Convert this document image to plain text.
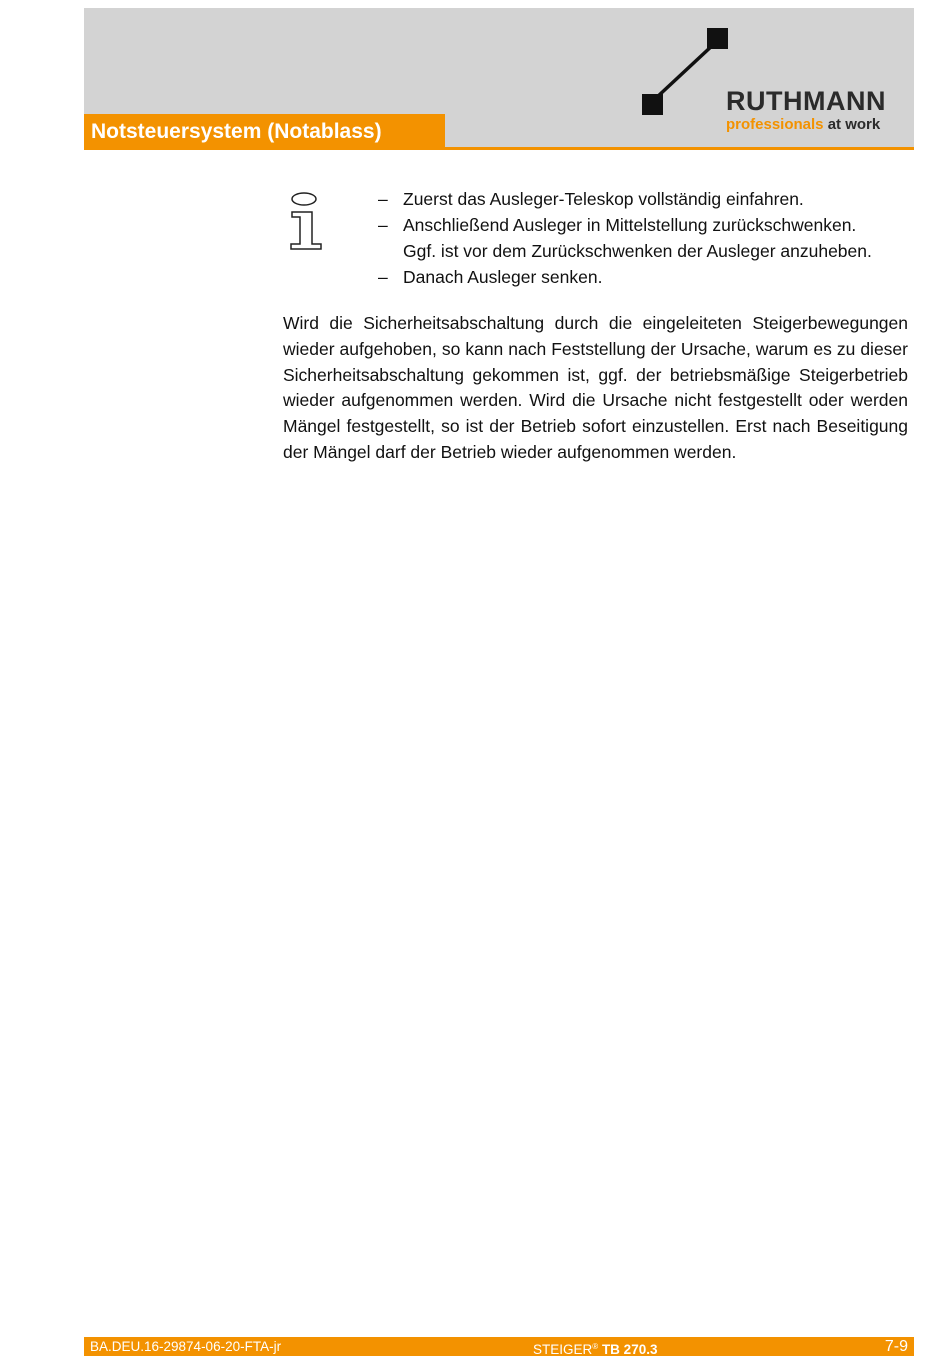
Notsteuersystem (Notablass)
RUTHMANN
professionals at work
– Zuerst das Ausleger-Teleskop vollständig einfahren.
– Anschließend Ausleger in Mittelstellung zurückschwenken.
Ggf. ist vor dem Zurückschwenken der Ausleger anzuheben.
– Danach Ausleger senken.

Wird die Sicherheitsabschaltung durch die eingeleiteten Steigerbewegungen wieder aufgehoben, so kann nach Feststellung der Ursache, warum es zu dieser Sicherheitsabschaltung gekommen ist, ggf. der betriebsmäßige Steigerbetrieb wieder aufgenommen werden. Wird die Ursache nicht festgestellt oder werden Mängel festgestellt, so ist der Betrieb sofort einzustellen. Erst nach Beseitigung der Mängel darf der Betrieb wieder aufgenommen werden.

BA.DEU.16-29874-06-20-FTA-jr	STEIGER® TB 270.3	7-9
